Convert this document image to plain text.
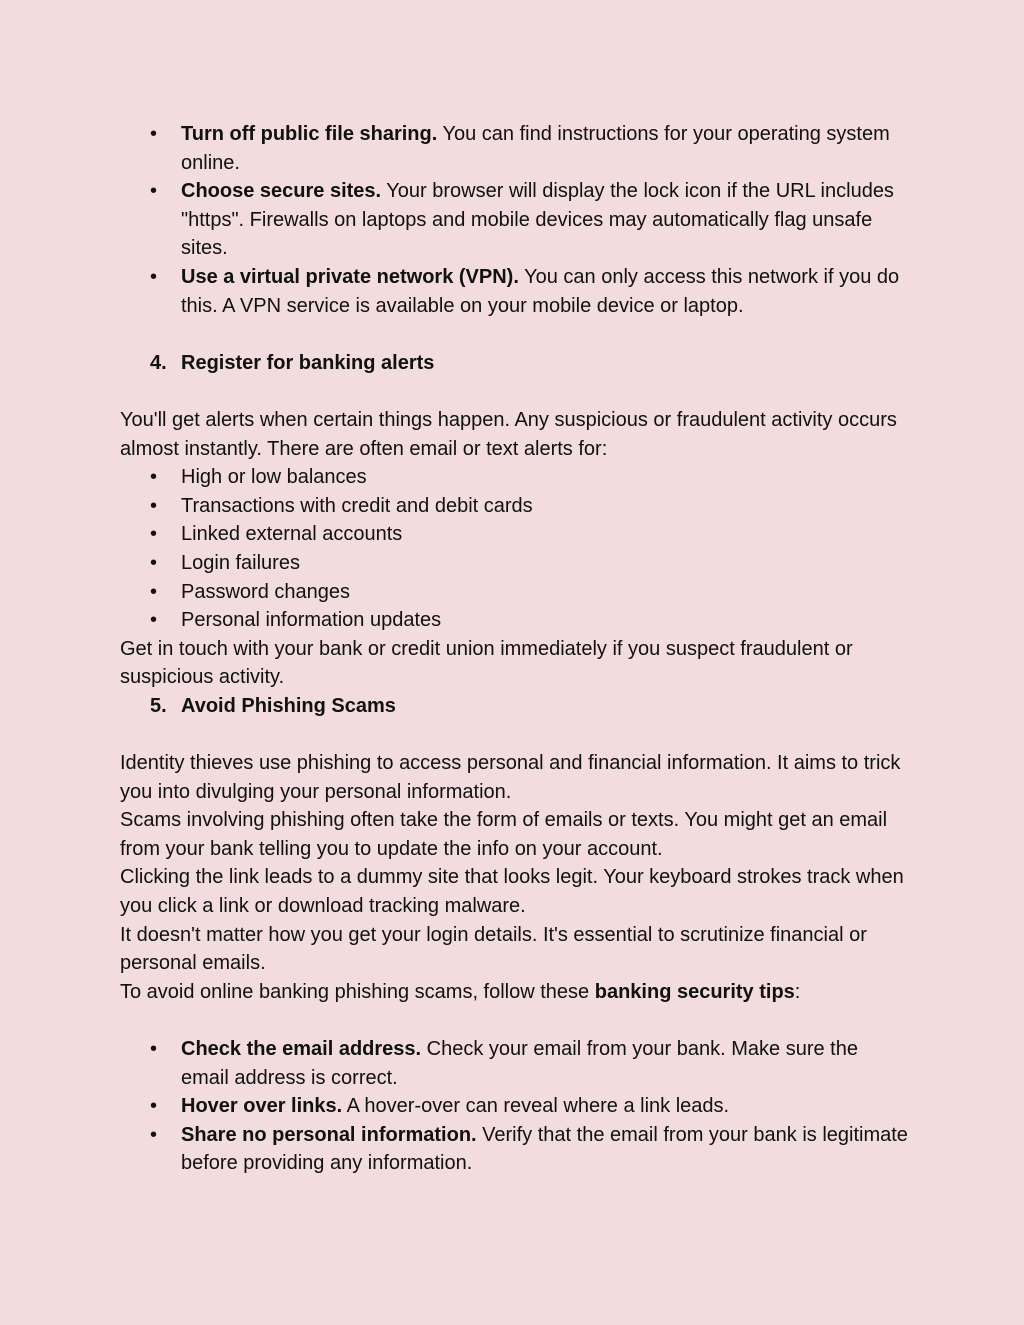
• Turn off public file sharing. You can find instructions for your operating system online.
• Choose secure sites. Your browser will display the lock icon if the URL includes "https". Firewalls on laptops and mobile devices may automatically flag unsafe sites.
• Use a virtual private network (VPN). You can only access this network if you do this. A VPN service is available on your mobile device or laptop.
4. Register for banking alerts

You'll get alerts when certain things happen. Any suspicious or fraudulent activity occurs almost instantly. There are often email or text alerts for:

• High or low balances
• Transactions with credit and debit cards
• Linked external accounts
• Login failures
• Password changes
• Personal information updates

Get in touch with your bank or credit union immediately if you suspect fraudulent or suspicious activity.

5. Avoid Phishing Scams

Identity thieves use phishing to access personal and financial information. It aims to trick you into divulging your personal information.

Scams involving phishing often take the form of emails or texts. You might get an email from your bank telling you to update the info on your account.

Clicking the link leads to a dummy site that looks legit. Your keyboard strokes track when you click a link or download tracking malware.

It doesn't matter how you get your login details. It's essential to scrutinize financial or personal emails.

To avoid online banking phishing scams, follow these banking security tips:

• Check the email address. Check your email from your bank. Make sure the email address is correct.
• Hover over links. A hover-over can reveal where a link leads.
• Share no personal information. Verify that the email from your bank is legitimate before providing any information.
